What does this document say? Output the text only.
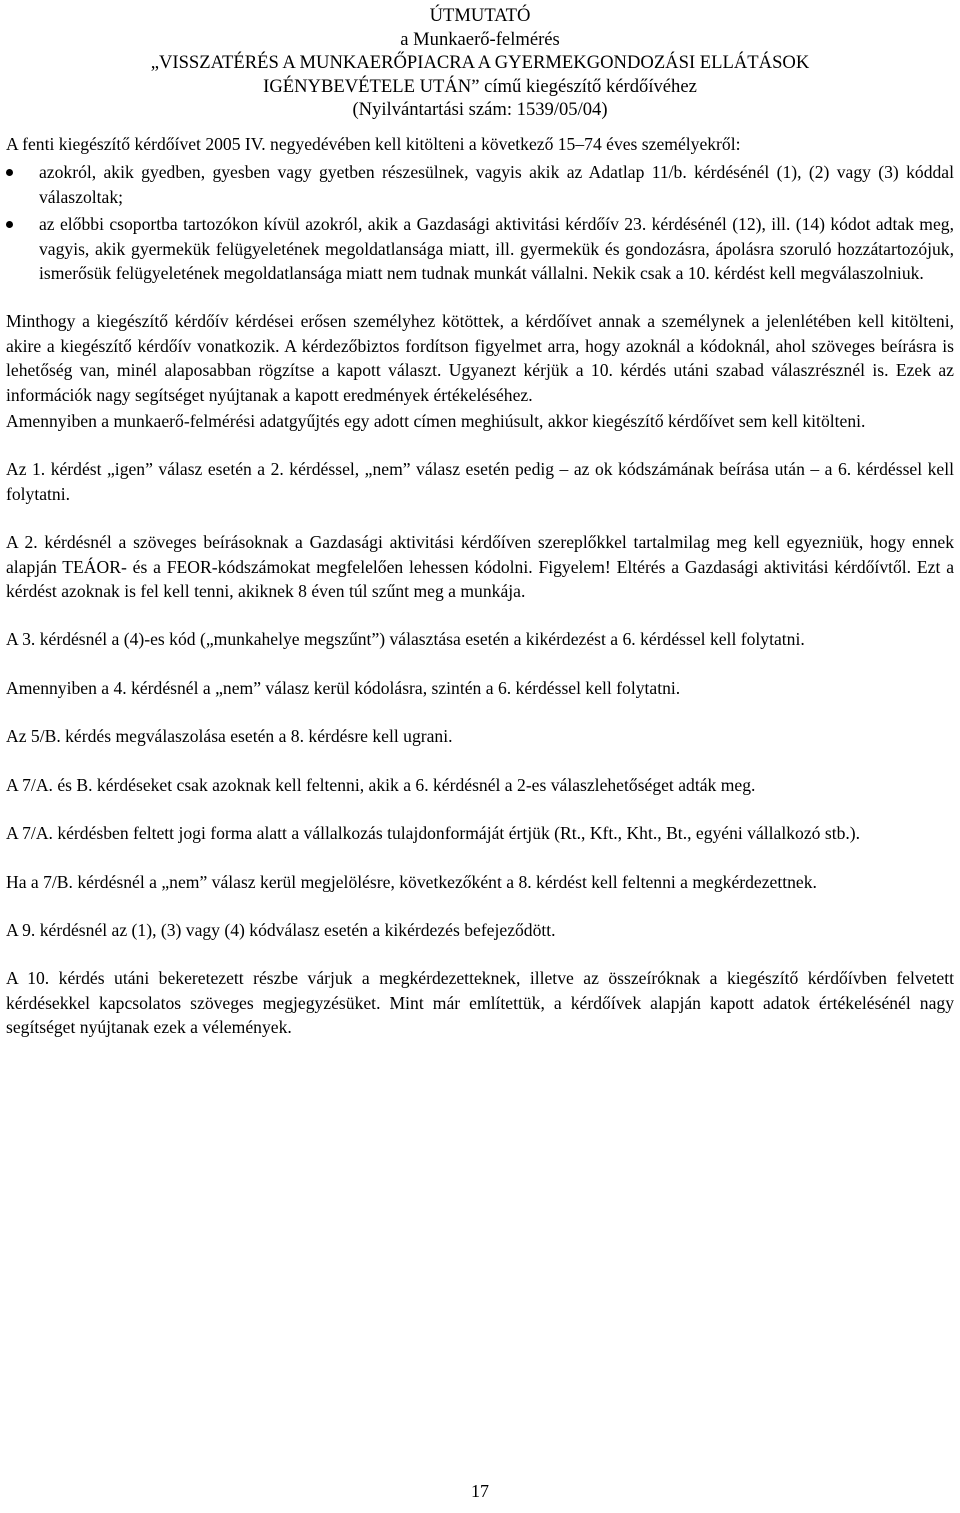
ÚTMUTATÓ
a Munkaerő-felmérés
„VISSZATÉRÉS A MUNKAERŐPIACRA A GYERMEKGONDOZÁSI ELLÁTÁSOK
IGÉNYBEVÉTELE UTÁN” című kiegészítő kérdőívéhez
(Nyilvántartási szám: 1539/05/04)

A fenti kiegészítő kérdőívet 2005 IV. negyedévében kell kitölteni a következő 15–74 éves személyekről:

azokról, akik gyedben, gyesben vagy gyetben részesülnek, vagyis akik az Adatlap 11/b. kérdésénél (1), (2) vagy (3) kóddal válaszoltak;
az előbbi csoportba tartozókon kívül azokról, akik a Gazdasági aktivitási kérdőív 23. kérdésénél (12), ill. (14) kódot adtak meg, vagyis, akik gyermekük felügyeletének megoldatlansága miatt, ill. gyermekük és gondozásra, ápolásra szoruló hozzátartozójuk, ismerősük felügyeletének megoldatlansága miatt nem tudnak munkát vállalni. Nekik csak a 10. kérdést kell megválaszolniuk.

Minthogy a kiegészítő kérdőív kérdései erősen személyhez kötöttek, a kérdőívet annak a személynek a jelenlétében kell kitölteni, akire a kiegészítő kérdőív vonatkozik. A kérdezőbiztos fordítson figyelmet arra, hogy azoknál a kódoknál, ahol szöveges beírásra is lehetőség van, minél alaposabban rögzítse a kapott választ. Ugyanezt kérjük a 10. kérdés utáni szabad válaszrésznél is. Ezek az információk nagy segítséget nyújtanak a kapott eredmények értékeléséhez.

Amennyiben a munkaerő-felmérési adatgyűjtés egy adott címen meghiúsult, akkor kiegészítő kérdőívet sem kell kitölteni.

Az 1. kérdést „igen” válasz esetén a 2. kérdéssel, „nem” válasz esetén pedig – az ok kódszámának beírása után – a 6. kérdéssel kell folytatni.

A 2. kérdésnél a szöveges beírásoknak a Gazdasági aktivitási kérdőíven szereplőkkel tartalmilag meg kell egyezniük, hogy ennek alapján TEÁOR- és a FEOR-kódszámokat megfelelően lehessen kódolni. Figyelem! Eltérés a Gazdasági aktivitási kérdőívtől. Ezt a kérdést azoknak is fel kell tenni, akiknek 8 éven túl szűnt meg a munkája.

A 3. kérdésnél a (4)-es kód („munkahelye megszűnt”) választása esetén a kikérdezést a 6. kérdéssel kell folytatni.

Amennyiben a 4. kérdésnél a „nem” válasz kerül kódolásra, szintén a 6. kérdéssel kell folytatni.

Az 5/B. kérdés megválaszolása esetén a 8. kérdésre kell ugrani.

A 7/A. és B. kérdéseket csak azoknak kell feltenni, akik a 6. kérdésnél a 2-es válaszlehetőséget adták meg.

A 7/A. kérdésben feltett jogi forma alatt a vállalkozás tulajdonformáját értjük (Rt., Kft., Kht., Bt., egyéni vállalkozó stb.).

Ha a 7/B. kérdésnél a „nem” válasz kerül megjelölésre, következőként a 8. kérdést kell feltenni a megkérdezettnek.

A 9. kérdésnél az (1), (3) vagy (4) kódválasz esetén a kikérdezés befejeződött.

A 10. kérdés utáni bekeretezett részbe várjuk a megkérdezetteknek, illetve az összeíróknak a kiegészítő kérdőívben felvetett kérdésekkel kapcsolatos szöveges megjegyzésüket. Mint már említettük, a kérdőívek alapján kapott adatok értékelésénél nagy segítséget nyújtanak ezek a vélemények.

17
